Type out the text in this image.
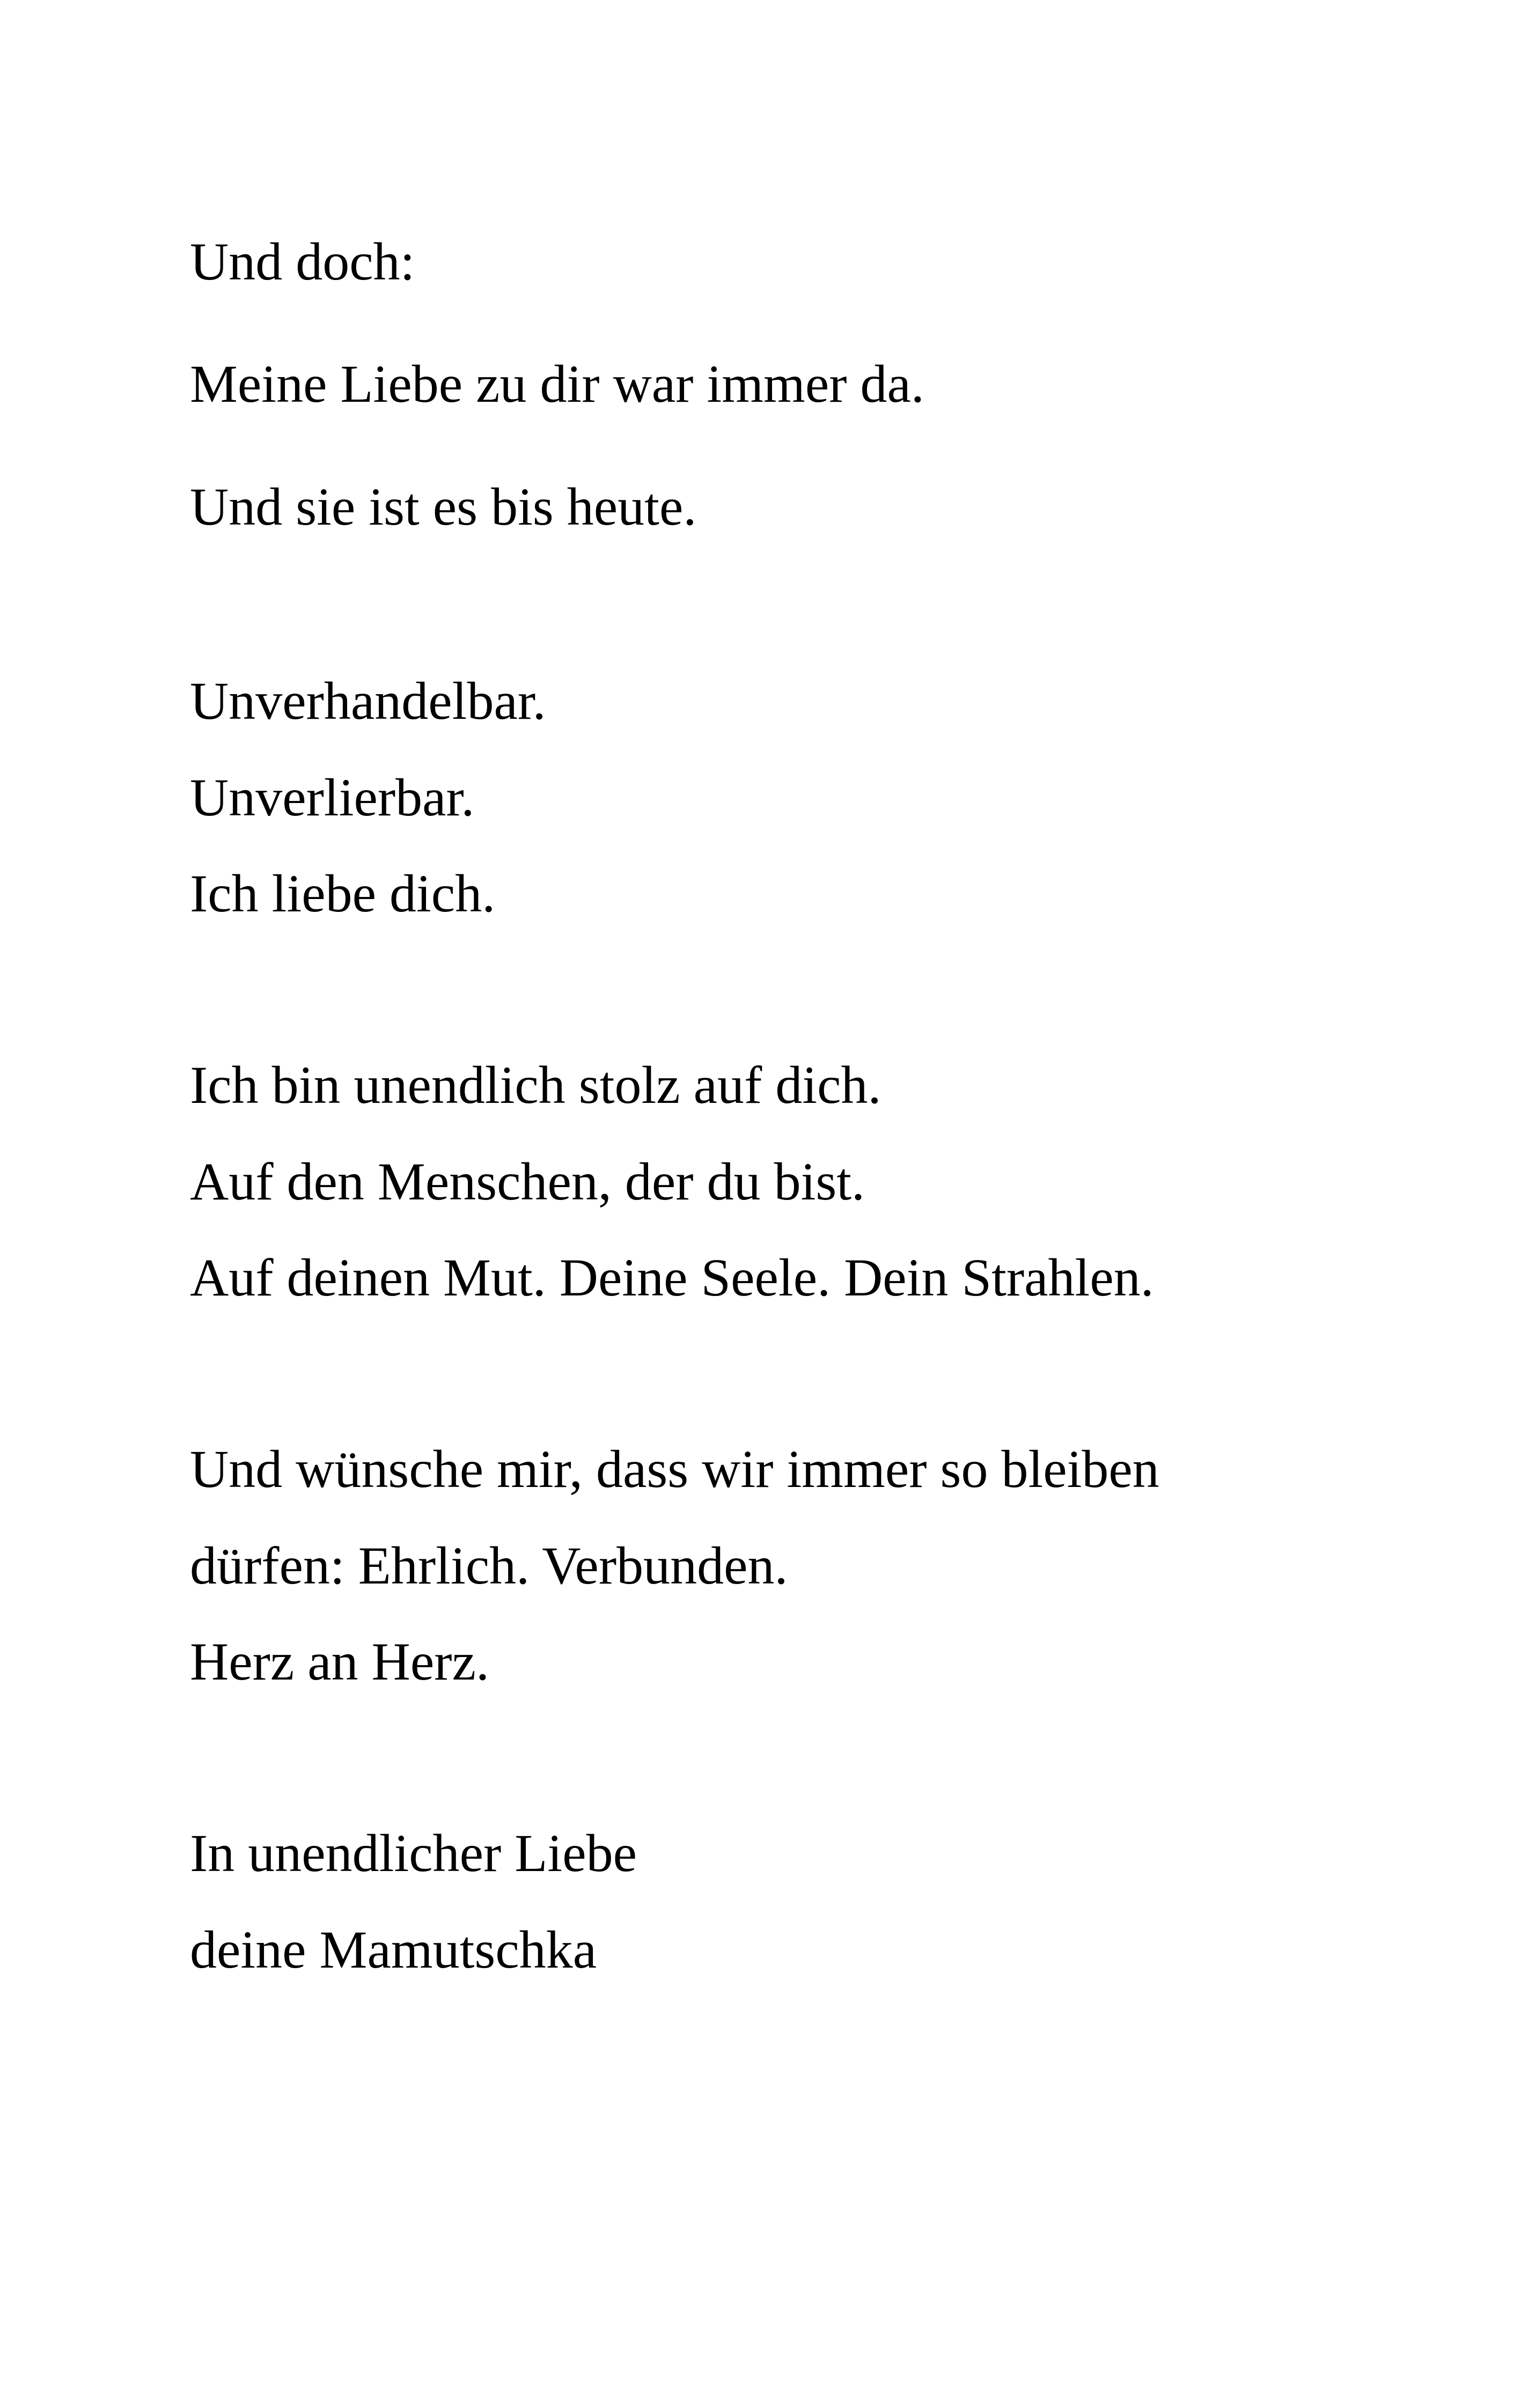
Und doch:

Meine Liebe zu dir war immer da.

Und sie ist es bis heute.

Unverhandelbar.

Unverlierbar.

Ich liebe dich.

Ich bin unendlich stolz auf dich.

Auf den Menschen, der du bist.

Auf deinen Mut. Deine Seele. Dein Strahlen.

Und wünsche mir, dass wir immer so bleiben

dürfen: Ehrlich. Verbunden.

Herz an Herz.

In unendlicher Liebe

deine Mamutschka
